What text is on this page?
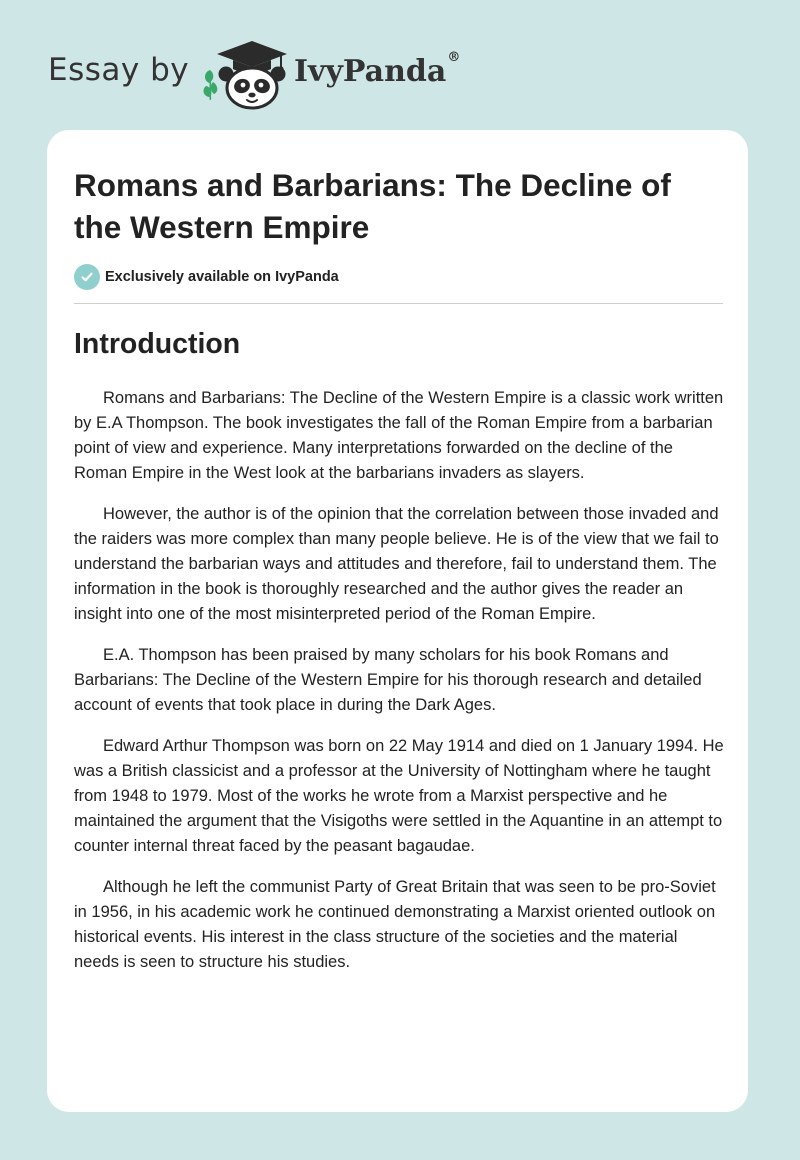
Essay by	IvyPanda®
Romans and Barbarians: The Decline of the Western Empire
Exclusively available on IvyPanda
Introduction

Romans and Barbarians: The Decline of the Western Empire is a classic work written by E.A Thompson. The book investigates the fall of the Roman Empire from a barbarian point of view and experience. Many interpretations forwarded on the decline of the Roman Empire in the West look at the barbarians invaders as slayers.

However, the author is of the opinion that the correlation between those invaded and the raiders was more complex than many people believe. He is of the view that we fail to understand the barbarian ways and attitudes and therefore, fail to understand them. The information in the book is thoroughly researched and the author gives the reader an insight into one of the most misinterpreted period of the Roman Empire.

E.A. Thompson has been praised by many scholars for his book Romans and Barbarians: The Decline of the Western Empire for his thorough research and detailed account of events that took place in during the Dark Ages.

Edward Arthur Thompson was born on 22 May 1914 and died on 1 January 1994. He was a British classicist and a professor at the University of Nottingham where he taught from 1948 to 1979. Most of the works he wrote from a Marxist perspective and he maintained the argument that the Visigoths were settled in the Aquantine in an attempt to counter internal threat faced by the peasant bagaudae.

Although he left the communist Party of Great Britain that was seen to be pro-Soviet in 1956, in his academic work he continued demonstrating a Marxist oriented outlook on historical events. His interest in the class structure of the societies and the material needs is seen to structure his studies.
